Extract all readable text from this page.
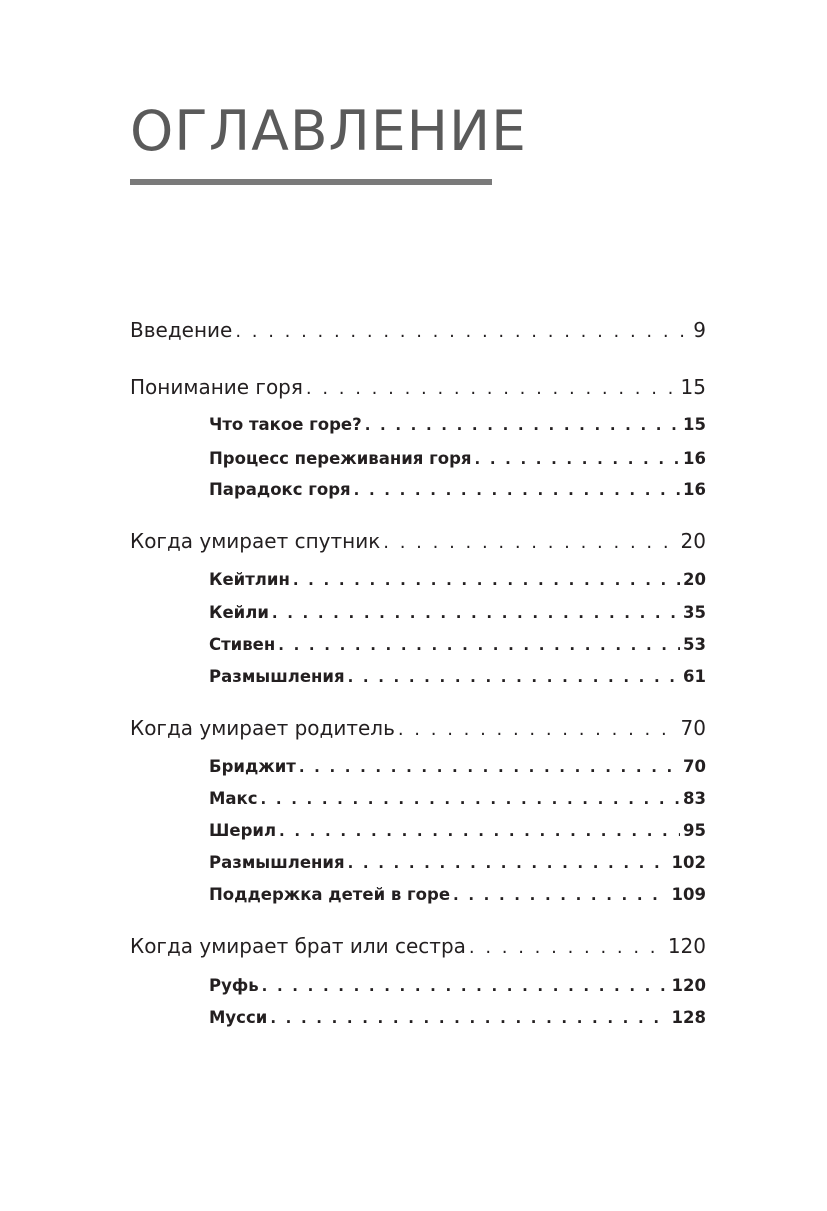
ОГЛАВЛЕНИЕ
Введение . . .	9
Понимание горя . . .	15
Что такое горе? . . .	15
Процесс переживания горя . . .	16
Парадокс горя . . .	16
Когда умирает спутник . . .	20
Кейтлин . . .	20
Кейли . . .	35
Стивен . . .	53
Размышления . . .	61
Когда умирает родитель . . .	70
Бриджит . . .	70
Макс . . .	83
Шерил . . .	95
Размышления . . .	102
Поддержка детей в горе . . .	109
Когда умирает брат или сестра . . .	120
Руфь . . .	120
Мусси . . .	128
